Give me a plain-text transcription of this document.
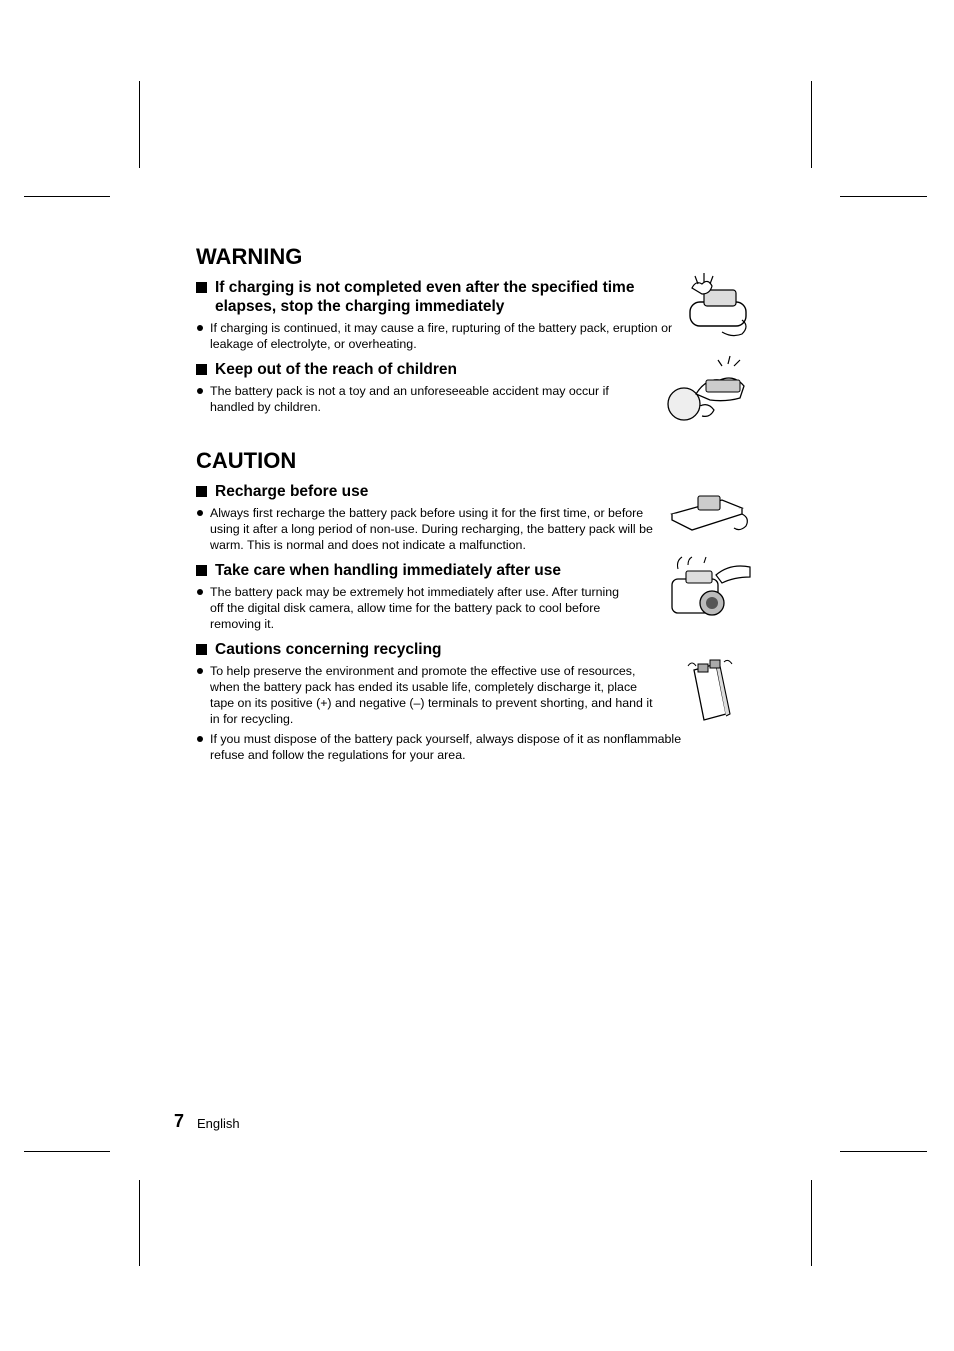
WARNING
If charging is not completed even after the specified time elapses, stop the charging immediately
If charging is continued, it may cause a fire, rupturing of the battery pack, eruption or leakage of electrolyte, or overheating.
Keep out of the reach of children
The battery pack is not a toy and an unforeseeable accident may occur if handled by children.
CAUTION
Recharge before use
Always first recharge the battery pack before using it for the first time, or before using it after a long period of non-use. During recharging, the battery pack will be warm. This is normal and does not indicate a malfunction.
Take care when handling immediately after use
The battery pack may be extremely hot immediately after use. After turning off the digital disk camera, allow time for the battery pack to cool before removing it.
Cautions concerning recycling
To help preserve the environment and promote the effective use of resources, when the battery pack has ended its usable life, completely discharge it, place tape on its positive (+) and negative (–) terminals to prevent shorting, and hand it in for recycling.
If you must dispose of the battery pack yourself, always dispose of it as nonflammable refuse and follow the regulations for your area.
7 English
